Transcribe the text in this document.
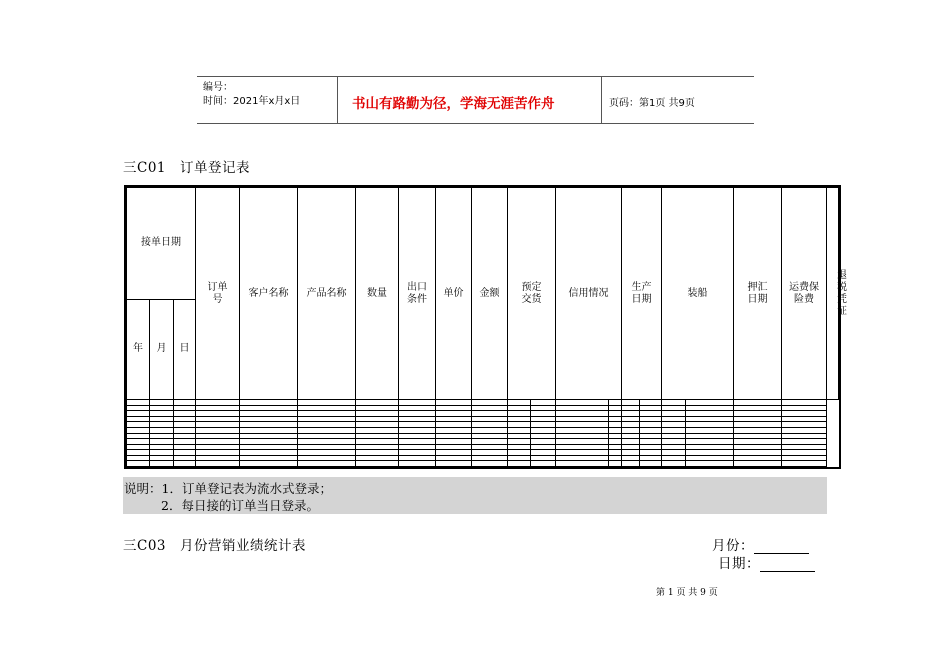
编号：
时间：2021年x月x日	书山有路勤为径，学海无涯苦作舟	页码：第1页 共9页
三C01　订单登记表
接单日期			订单号	客户名称	产品名称	数量	出口条件	单价	金额	预定交货		信用情况		生产日期		装船		押汇日期	运费保险费	退税凭证
年	月	日																		

说明：1．订单登记表为流水式登录；
2．每日接的订单当日登录。
三C03　月份营销业绩统计表	月份：
日期：
第 1 页 共 9 页
